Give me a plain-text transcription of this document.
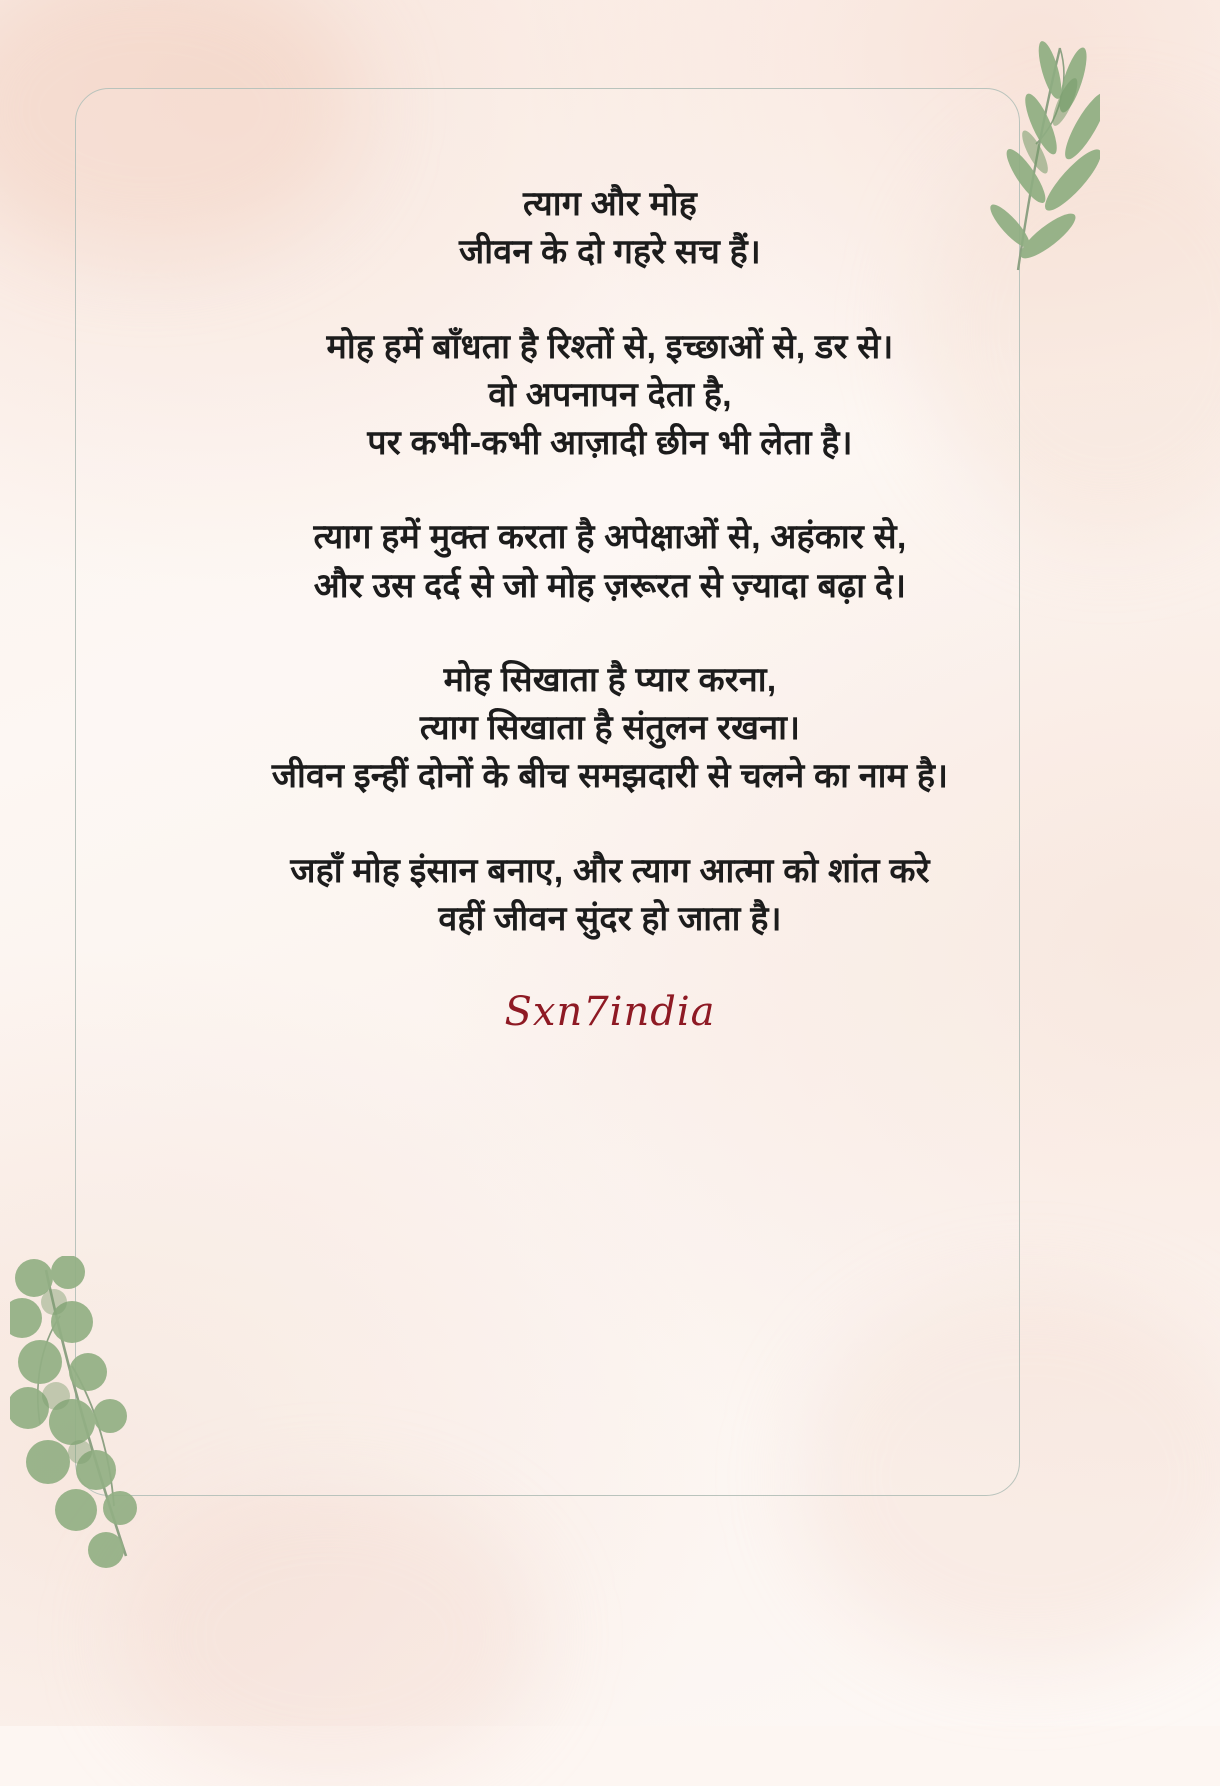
त्याग और मोह
जीवन के दो गहरे सच हैं।
मोह हमें बाँधता है रिश्तों से, इच्छाओं से, डर से।
वो अपनापन देता है,
पर कभी-कभी आज़ादी छीन भी लेता है।
त्याग हमें मुक्त करता है अपेक्षाओं से, अहंकार से,
और उस दर्द से जो मोह ज़रूरत से ज़्यादा बढ़ा दे।
मोह सिखाता है प्यार करना,
त्याग सिखाता है संतुलन रखना।
जीवन इन्हीं दोनों के बीच समझदारी से चलने का नाम है।
जहाँ मोह इंसान बनाए, और त्याग आत्मा को शांत करे
वहीं जीवन सुंदर हो जाता है।
Sxn7india
